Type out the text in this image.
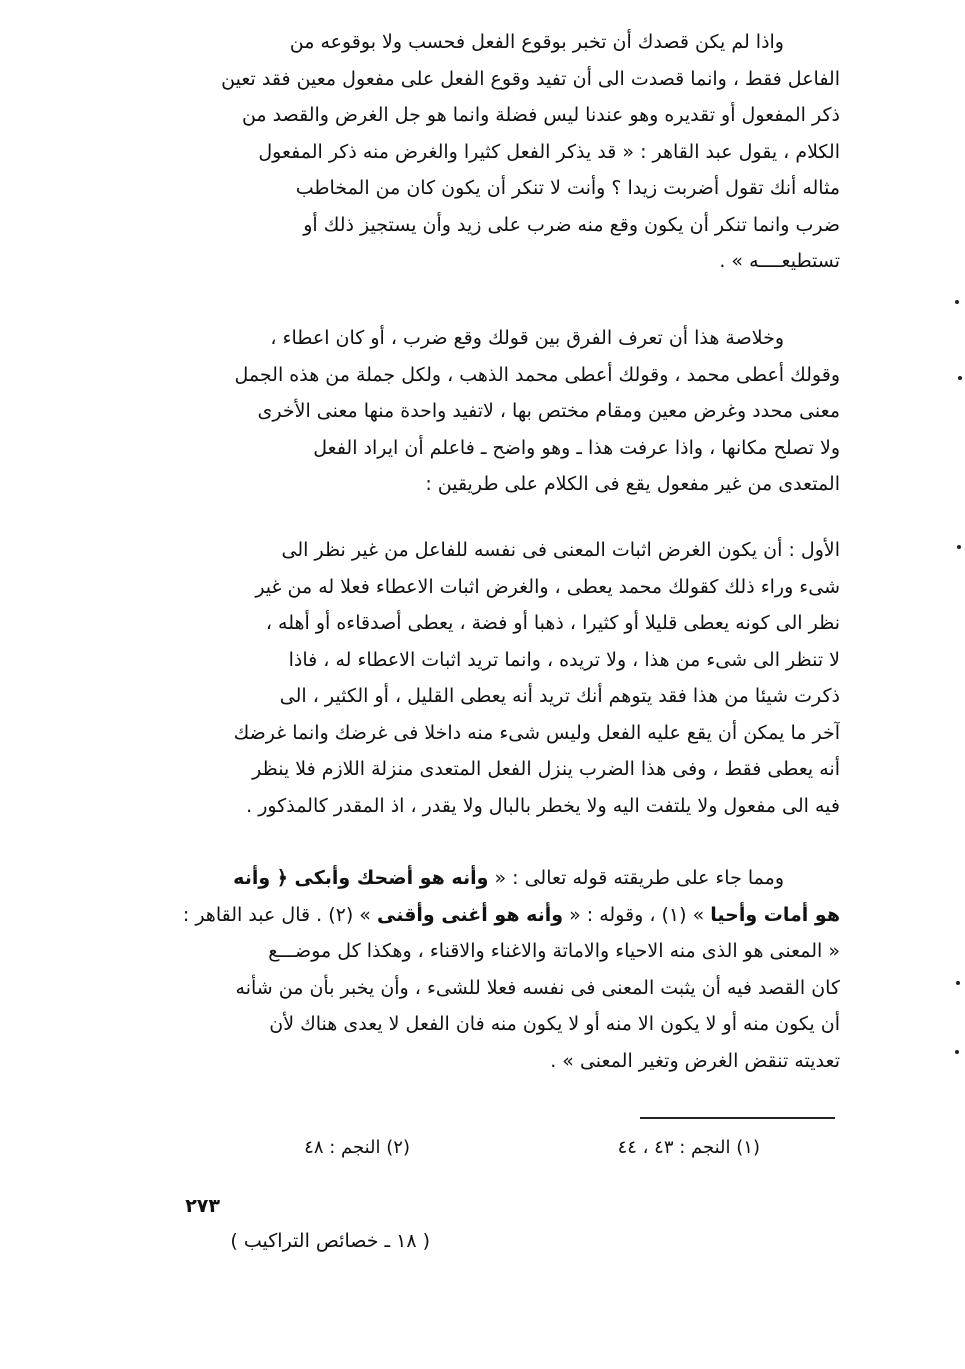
واذا لم يكن قصدك أن تخبر بوقوع الفعل فحسب ولا بوقوعه من
الفاعل فقط ، وانما قصدت الى أن تفيد وقوع الفعل على مفعول معين فقد تعين
ذكر المفعول أو تقديره وهو عندنا ليس فضلة وانما هو جل الغرض والقصد من
الكلام ، يقول عبد القاهر : « قد يذكر الفعل كثيرا والغرض منه ذكر المفعول
مثاله أنك تقول أضربت زيدا ؟ وأنت لا تنكر أن يكون كان من المخاطب
ضرب وانما تنكر أن يكون وقع منه ضرب على زيد وأن يستجيز ذلك أو
تستطيعــــه » .
وخلاصة هذا أن تعرف الفرق بين قولك وقع ضرب ، أو كان اعطاء ،
وقولك أعطى محمد ، وقولك أعطى محمد الذهب ، ولكل جملة من هذه الجمل
معنى محدد وغرض معين ومقام مختص بها ، لاتفيد واحدة منها معنى الأخرى
ولا تصلح مكانها ، واذا عرفت هذا ـ وهو واضح ـ فاعلم أن ايراد الفعل
المتعدى من غير مفعول يقع فى الكلام على طريقين :
الأول : أن يكون الغرض اثبات المعنى فى نفسه للفاعل من غير نظر الى
شىء وراء ذلك كقولك محمد يعطى ، والغرض اثبات الاعطاء فعلا له من غير
نظر الى كونه يعطى قليلا أو كثيرا ، ذهبا أو فضة ، يعطى أصدقاءه أو أهله ،
لا تنظر الى شىء من هذا ، ولا تريده ، وانما تريد اثبات الاعطاء له ، فاذا
ذكرت شيئا من هذا فقد يتوهم أنك تريد أنه يعطى القليل ، أو الكثير ، الى
آخر ما يمكن أن يقع عليه الفعل وليس شىء منه داخلا فى غرضك وانما غرضك
أنه يعطى فقط ، وفى هذا الضرب ينزل الفعل المتعدى منزلة اللازم فلا ينظر
فيه الى مفعول ولا يلتفت اليه ولا يخطر بالبال ولا يقدر ، اذ المقدر كالمذكور .
ومما جاء على طريقته قوله تعالى : « وأنه هو أضحك وأبكى ﴿ وأنه
هو أمات وأحيا » (١) ، وقوله : « وأنه هو أغنى وأقنى » (٢) . قال عبد القاهر :
« المعنى هو الذى منه الاحياء والاماتة والاغناء والاقناء ، وهكذا كل موضـــع
كان القصد فيه أن يثبت المعنى فى نفسه فعلا للشىء ، وأن يخبر بأن من شأنه
أن يكون منه أو لا يكون الا منه أو لا يكون منه فان الفعل لا يعدى هناك لأن
تعديته تنقض الغرض وتغير المعنى » .
(١) النجم : ٤٣ ، ٤٤
(٢) النجم : ٤٨
٢٧٣
( ١٨ ـ خصائص التراكيب )
